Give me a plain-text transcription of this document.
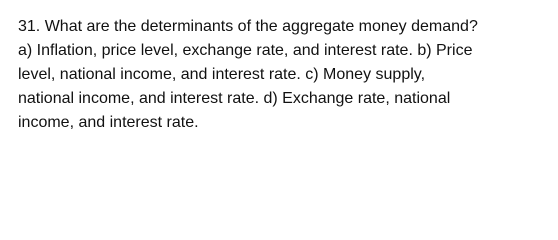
31. What are the determinants of the aggregate money demand?
a) Inflation, price level, exchange rate, and interest rate. b) Price
level, national income, and interest rate. c) Money supply,
national income, and interest rate. d) Exchange rate, national
income, and interest rate.
